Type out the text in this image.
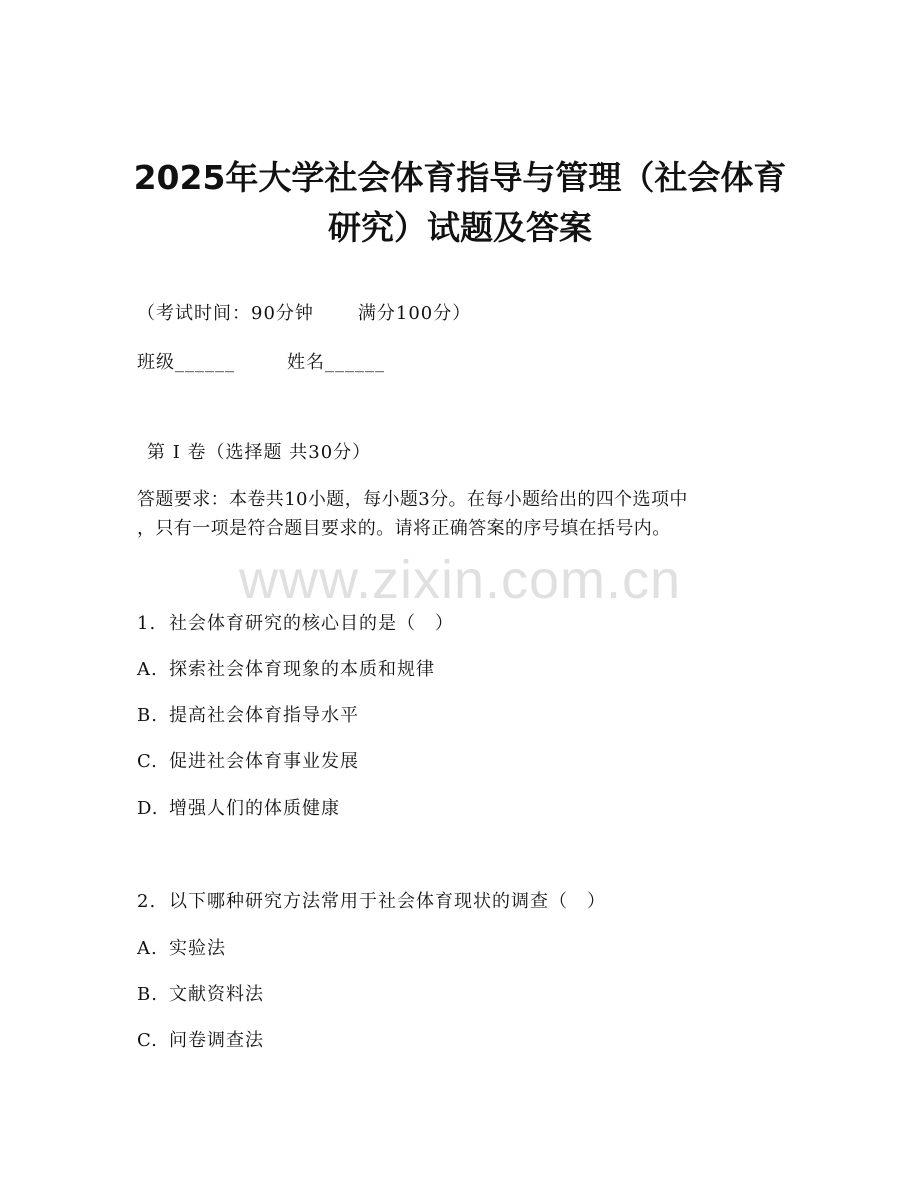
2025年大学社会体育指导与管理（社会体育
研究）试题及答案
（考试时间：90分钟 满分100分）
班级______	姓名______
第 I 卷（选择题 共30分）
答题要求：本卷共10小题，每小题3分。在每小题给出的四个选项中
，只有一项是符合题目要求的。请将正确答案的序号填在括号内。
www.zixin.com.cn
1. 社会体育研究的核心目的是（　）
A. 探索社会体育现象的本质和规律
B. 提高社会体育指导水平
C. 促进社会体育事业发展
D. 增强人们的体质健康
2. 以下哪种研究方法常用于社会体育现状的调查（　）
A. 实验法
B. 文献资料法
C. 问卷调查法
